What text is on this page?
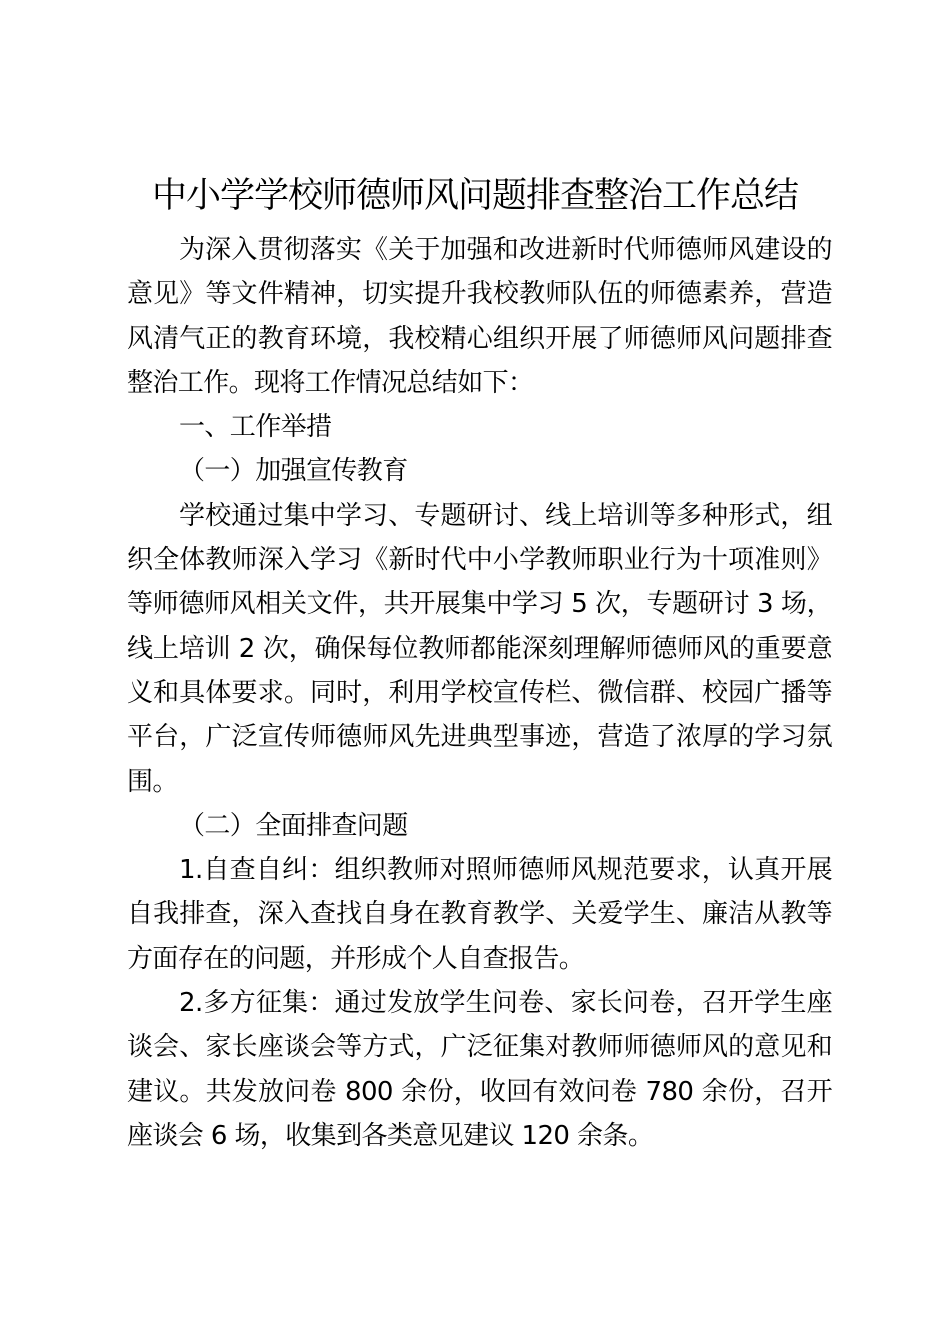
中小学学校师德师风问题排查整治工作总结

为深入贯彻落实《关于加强和改进新时代师德师风建设的意见》等文件精神，切实提升我校教师队伍的师德素养，营造风清气正的教育环境，我校精心组织开展了师德师风问题排查整治工作。现将工作情况总结如下：

一、工作举措

（一）加强宣传教育

学校通过集中学习、专题研讨、线上培训等多种形式，组织全体教师深入学习《新时代中小学教师职业行为十项准则》等师德师风相关文件，共开展集中学习 5 次，专题研讨 3 场，线上培训 2 次，确保每位教师都能深刻理解师德师风的重要意义和具体要求。同时，利用学校宣传栏、微信群、校园广播等平台，广泛宣传师德师风先进典型事迹，营造了浓厚的学习氛围。

（二）全面排查问题

1.自查自纠：组织教师对照师德师风规范要求，认真开展自我排查，深入查找自身在教育教学、关爱学生、廉洁从教等方面存在的问题，并形成个人自查报告。

2.多方征集：通过发放学生问卷、家长问卷，召开学生座谈会、家长座谈会等方式，广泛征集对教师师德师风的意见和建议。共发放问卷 800 余份，收回有效问卷 780 余份，召开座谈会 6 场，收集到各类意见建议 120 余条。
